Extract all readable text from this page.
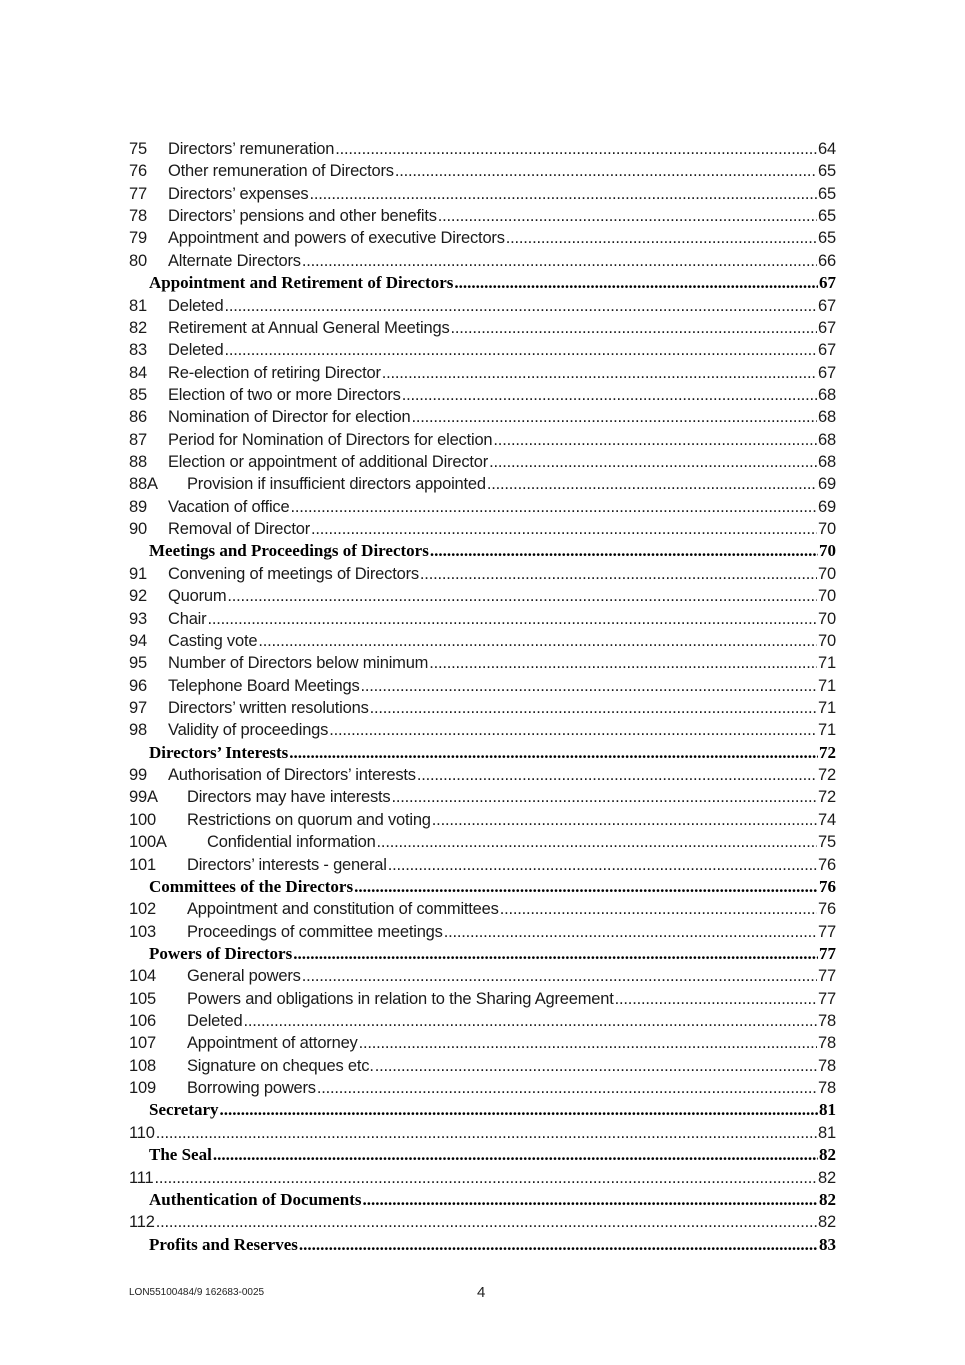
75	Directors’ remuneration .....	64
76	Other remuneration of Directors .....	65
77	Directors’ expenses .....	65
78	Directors’ pensions and other benefits .....	65
79	Appointment and powers of executive Directors .....	65
80	Alternate Directors .....	66
Appointment and Retirement of Directors .....	67
81	Deleted .....	67
82	Retirement at Annual General Meetings .....	67
83	Deleted .....	67
84	Re-election of retiring Director .....	67
85	Election of two or more Directors .....	68
86	Nomination of Director for election .....	68
87	Period for Nomination of Directors for election .....	68
88	Election or appointment of additional Director .....	68
88A	Provision if insufficient directors appointed .....	69
89	Vacation of office .....	69
90	Removal of Director .....	70
Meetings and Proceedings of Directors .....	70
91	Convening of meetings of Directors .....	70
92	Quorum .....	70
93	Chair .....	70
94	Casting vote .....	70
95	Number of Directors below minimum .....	71
96	Telephone Board Meetings .....	71
97	Directors’ written resolutions .....	71
98	Validity of proceedings .....	71
Directors’ Interests .....	72
99	Authorisation of Directors’ interests .....	72
99A	Directors may have interests .....	72
100	Restrictions on quorum and voting .....	74
100A	Confidential information .....	75
101	Directors’ interests - general .....	76
Committees of the Directors .....	76
102	Appointment and constitution of committees .....	76
103	Proceedings of committee meetings .....	77
Powers of Directors .....	77
104	General powers .....	77
105	Powers and obligations in relation to the Sharing Agreement .....	77
106	Deleted .....	78
107	Appointment of attorney .....	78
108	Signature on cheques etc. .....	78
109	Borrowing powers .....	78
Secretary .....	81
110 .....	81
The Seal .....	82
111 .....	82
Authentication of Documents .....	82
112 .....	82
Profits and Reserves .....	83
LON55100484/9 162683-0025	4
